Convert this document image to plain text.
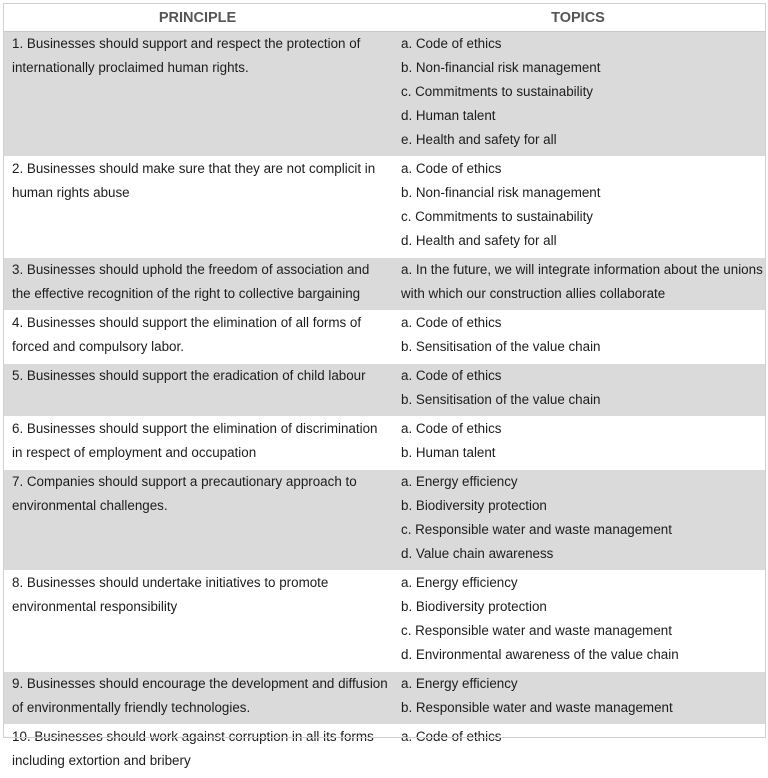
PRINCIPLE	TOPICS

1. Businesses should support and respect the protection of internationally proclaimed human rights.	a. Code of ethics
b. Non-financial risk management
c. Commitments to sustainability
d. Human talent
e. Health and safety for all

2. Businesses should make sure that they are not complicit in human rights abuse	a. Code of ethics
b. Non-financial risk management
c. Commitments to sustainability
d. Health and safety for all

3. Businesses should uphold the freedom of association and the effective recognition of the right to collective bargaining	a. In the future, we will integrate information about the unions with which our construction allies collaborate

4. Businesses should support the elimination of all forms of forced and compulsory labor.	a. Code of ethics
b. Sensitisation of the value chain

5. Businesses should support the eradication of child labour	a. Code of ethics
b. Sensitisation of the value chain

6. Businesses should support the elimination of discrimination in respect of employment and occupation	a. Code of ethics
b. Human talent

7. Companies should support a precautionary approach to environmental challenges.	a. Energy efficiency
b. Biodiversity protection
c. Responsible water and waste management
d. Value chain awareness

8. Businesses should undertake initiatives to promote environmental responsibility	a. Energy efficiency
b. Biodiversity protection
c. Responsible water and waste management
d. Environmental awareness of the value chain

9. Businesses should encourage the development and diffusion of environmentally friendly technologies.	a. Energy efficiency
b. Responsible water and waste management

10. Businesses should work against corruption in all its forms including extortion and bribery	a. Code of ethics
